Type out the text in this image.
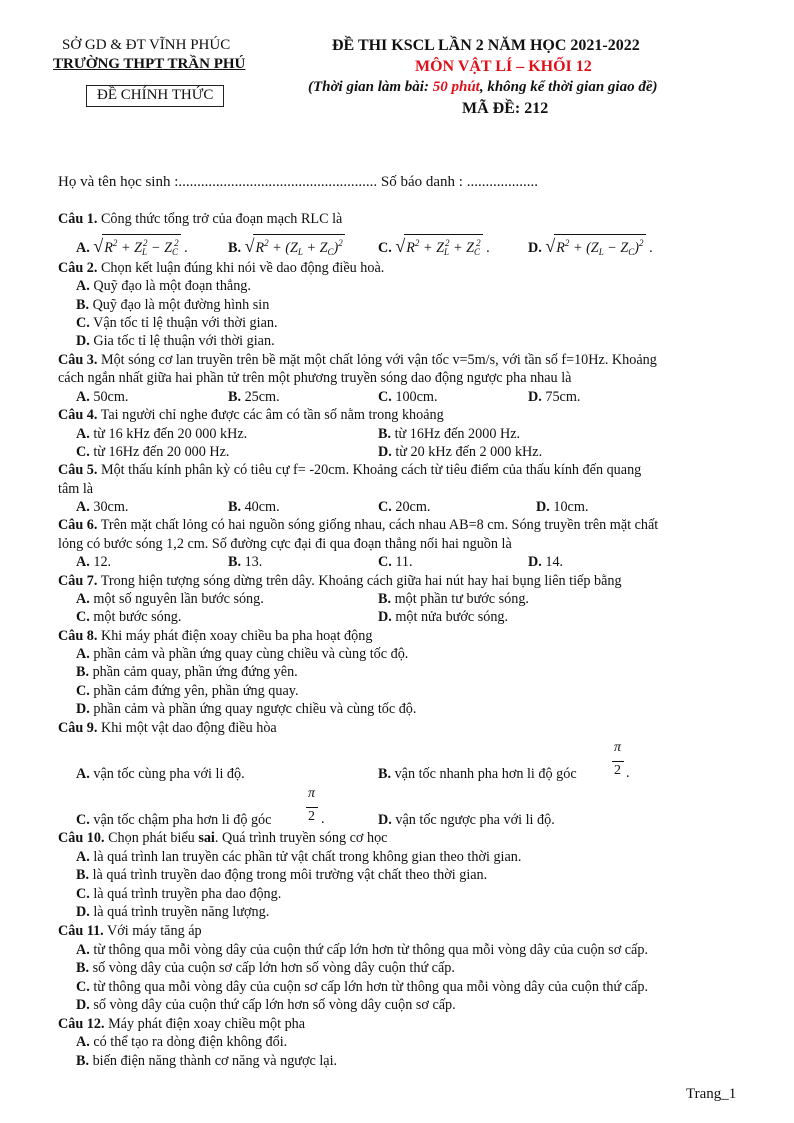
SỞ GD & ĐT VĨNH PHÚC
TRƯỜNG THPT TRẦN PHÚ
ĐỀ CHÍNH THỨC
ĐỀ THI KSCL LẦN 2 NĂM HỌC 2021-2022
MÔN VẬT LÍ – KHỐI 12
(Thời gian làm bài: 50 phút, không kể thời gian giao đề)
MÃ ĐỀ: 212
Họ và tên học sinh :..................................................... Số báo danh : ...................
Câu 1. Công thức tổng trở của đoạn mạch RLC là
A. $√R^2 + Z_L^2 - Z_C^2$ .	B. $√R^2 + (Z_L + Z_C)^2$ C. $√R^2 + Z_L^2 + Z_C^2$ .	D. $√R^2 + (Z_L - Z_C)^2$ .
Câu 2. Chọn kết luận đúng khi nói về dao động điều hoà.
A. Quỹ đạo là một đoạn thẳng.
B. Quỹ đạo là một đường hình sin
C. Vận tốc tỉ lệ thuận với thời gian.
D. Gia tốc tỉ lệ thuận với thời gian.
Câu 3. Một sóng cơ lan truyền trên bề mặt một chất lỏng với vận tốc v=5m/s, với tần số f=10Hz. Khoảng
cách ngắn nhất giữa hai phần tử trên một phương truyền sóng dao động ngược pha nhau là
A. 50cm.	B. 25cm.	C. 100cm.	D. 75cm.
Câu 4. Tai người chỉ nghe được các âm có tần số nằm trong khoảng
A. từ 16 kHz đến 20 000 kHz.	B. từ 16Hz đến 2000 Hz.
C. từ 16Hz đến 20 000 Hz.	D. từ 20 kHz đến 2 000 kHz.
Câu 5. Một thấu kính phân kỳ có tiêu cự f= -20cm. Khoảng cách từ tiêu điểm của thấu kính đến quang
tâm là
A. 30cm.	B. 40cm.	C. 20cm.	D. 10cm.
Câu 6. Trên mặt chất lỏng có hai nguồn sóng giống nhau, cách nhau AB=8 cm. Sóng truyền trên mặt chất
lỏng có bước sóng 1,2 cm. Số đường cực đại đi qua đoạn thẳng nối hai nguồn là
A. 12.	B. 13.	C. 11.	D. 14.
Câu 7. Trong hiện tượng sóng dừng trên dây. Khoảng cách giữa hai nút hay hai bụng liên tiếp bằng
A. một số nguyên lần bước sóng.	B. một phần tư bước sóng.
C. một bước sóng.	D. một nửa bước sóng.
Câu 8. Khi máy phát điện xoay chiều ba pha hoạt động
A. phần cảm và phần ứng quay cùng chiều và cùng tốc độ.
B. phần cảm quay, phần ứng đứng yên.
C. phần cảm đứng yên, phần ứng quay.
D. phần cảm và phần ứng quay ngược chiều và cùng tốc độ.
Câu 9. Khi một vật dao động điều hòa
A. vận tốc cùng pha với li độ.	B. vận tốc nhanh pha hơn li độ góc
π
2 .
C. vận tốc chậm pha hơn li độ góc
π
2 .	D. vận tốc ngược pha với li độ.
Câu 10. Chọn phát biểu sai. Quá trình truyền sóng cơ học
A. là quá trình lan truyền các phần tử vật chất trong không gian theo thời gian.
B. là quá trình truyền dao động trong môi trường vật chất theo thời gian.
C. là quá trình truyền pha dao động.
D. là quá trình truyền năng lượng.
Câu 11. Với máy tăng áp
A. từ thông qua mỗi vòng dây của cuộn thứ cấp lớn hơn từ thông qua mỗi vòng dây của cuộn sơ cấp.
B. số vòng dây của cuộn sơ cấp lớn hơn số vòng dây cuộn thứ cấp.
C. từ thông qua mỗi vòng dây của cuộn sơ cấp lớn hơn từ thông qua mỗi vòng dây của cuộn thứ cấp.
D. số vòng dây của cuộn thứ cấp lớn hơn số vòng dây cuộn sơ cấp.
Câu 12. Máy phát điện xoay chiều một pha
A. có thể tạo ra dòng điện không đổi.
B. biến điện năng thành cơ năng và ngược lại.
Trang_1
